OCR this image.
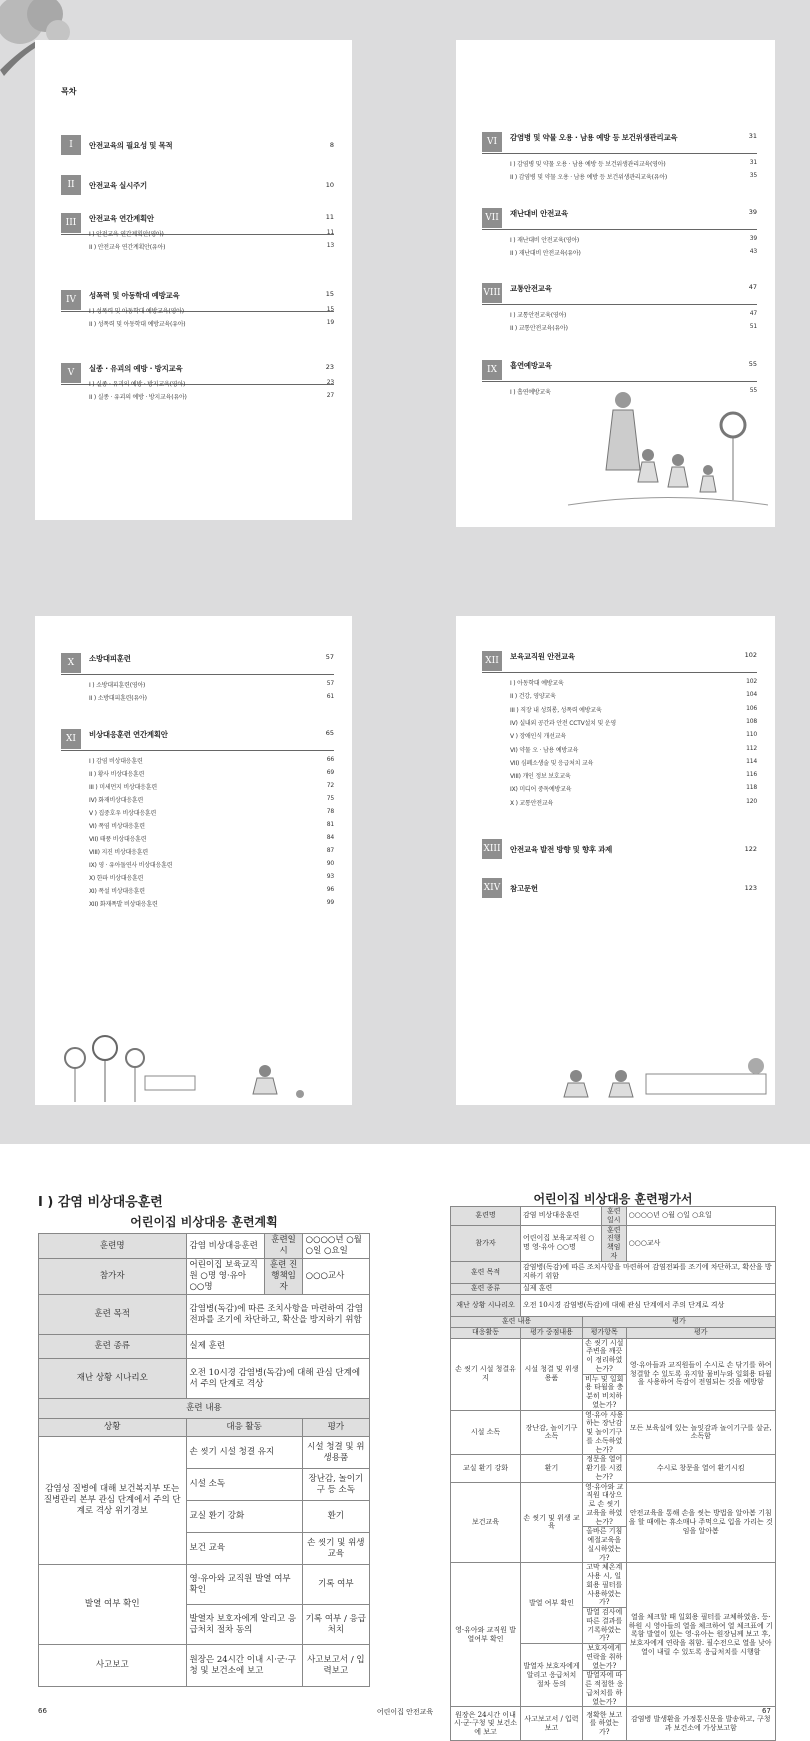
목차
I	안전교육의 필요성 및 목적	8
II	안전교육 실시주기	10
III	안전교육 연간계획안	11
I ) 안전교육 연간계획안(영아)	11
II ) 안전교육 연간계획안(유아)	13
IV	성폭력 및 아동학대 예방교육	15
I ) 성폭력 및 아동학대 예방교육(영아)	15
II ) 성폭력 및 아동학대 예방교육(유아)	19
V	실종 · 유괴의 예방 · 방지교육	23
I ) 실종 · 유괴의 예방 · 방지교육(영아)	23
II ) 실종 · 유괴의 예방 · 방지교육(유아)	27
VI	감염병 및 약물 오용 · 남용 예방 등 보건위생관리교육	31
I ) 감염병 및 약물 오용 · 남용 예방 등 보건위생관리교육(영아)	31
II ) 감염병 및 약물 오용 · 남용 예방 등 보건위생관리교육(유아)	35
VII	재난대비 안전교육	39
I ) 재난대비 안전교육(영아)	39
II ) 재난대비 안전교육(유아)	43
VIII 교통안전교육	47
I ) 교통안전교육(영아)	47
II ) 교통안전교육(유아)	51
IX	흡연예방교육	55
I ) 흡연예방교육	55
X	소방대피훈련	57
I ) 소방대피훈련(영아)	57
II ) 소방대피훈련(유아)	61
XI	비상대응훈련 연간계획안	65
I ) 감염 비상대응훈련	66
II ) 황사 비상대응훈련	69
III ) 미세먼지 비상대응훈련	72
IV) 화재비상대응훈련	75
V ) 집중호우 비상대응훈련	78
VI) 폭염 비상대응훈련	81
VII) 태풍 비상대응훈련	84
VIII) 지진 비상대응훈련	87
IX) 영 · 유아돌연사 비상대응훈련	90
X) 한파 비상대응훈련	93
XI) 폭설 비상대응훈련	96
XII) 화재폭발 비상대응훈련	99
XII	보육교직원 안전교육	102
I ) 아동학대 예방교육	102
II ) 건강, 영양교육	104
III ) 직장 내 성희롱, 성폭력 예방교육	106
IV) 실내외 공간과 안전 CCTV설치 및 운영	108
V ) 장애인식 개선교육	110
VI) 약물 오 · 남용 예방교육	112
VII) 심폐소생술 및 응급처치 교육	114
VIII) 개인 정보 보호교육	116
IX) 미디어 중독예방교육	118
X ) 교통안전교육	120
XIII 안전교육 발전 방향 및 향후 과제	122
XIV 참고문헌	123
I ) 감염 비상대응훈련
어린이집 비상대응 훈련계획
훈련명	감염 비상대응훈련	훈련일시	○○○○년 ○월 ○일 ○요일
참가자	어린이집 보육교직원 ○명 영·유아 ○○명	훈련 진행책임자	○○○교사
훈련 목적	감염병(독감)에 따른 조치사항을 마련하여 감염전파를 조기에 차단하고, 확산을 방지하기 위함		
훈련 종류	실제 훈련		
재난 상황 시나리오	오전 10시경 감염병(독감)에 대해 관심 단계에서 주의 단계로 격상		
훈련 내용			
상황	대응 활동		평가
감염성 질병에 대해 보건복지부 또는 질병관리 본부 관심 단계에서 주의 단계로 격상 위기경보	손 씻기 시설 청결 유지		시설 청결 및 위생용품
	시설 소독		장난감, 놀이기구 등 소독
	교실 환기 강화		환기
	보건 교육		손 씻기 및 위생 교육
발열 여부 확인	영·유아와 교직원 발열 여부 확인		기록 여부
	발열자 보호자에게 알리고 응급처치 절차 동의		기록 여부 / 응급 처치
사고보고	원장은 24시간 이내 시·군·구청 및 보건소에 보고		사고보고서 / 입력보고
어린이집 비상대응 훈련평가서
훈련명	감염 비상대응훈련		훈련일시	○○○○년 ○월 ○일 ○요일
참가자	어린이집 보육교직원 ○명 영·유아 ○○명		훈련 진행책임자	○○○교사
훈련 목적	감염병(독감)에 따른 조치사항을 마련하여 감염전파를 조기에 차단하고, 확산을 방지하기 위함			
훈련 종류	실제 훈련			
재난 상황 시나리오	오전 10시경 감염병(독감)에 대해 관심 단계에서 주의 단계로 격상			
훈련 내용		평가		
대응활동	평가 중점내용	평가항목		평가
손 씻기 시설 청결유지	시설 청결 및 위생용품	손 씻기 시설 주변을 깨끗이 정리하였는가?		영·유아들과 교직원들이 수시로 손 닦기를 하여 청결할 수 있도록 유지할 물비누와 일회용 타월을 사용하여 독감이 전염되는 것을 예방함
		비누 및 일회용 타월을 충분히 비치하였는가?		
시설 소독	장난감, 놀이기구 소독	영·유아 사용하는 장난감 및 놀이기구를 소독하였는가?		모든 보육실에 있는 놀잇감과 놀이기구를 살균, 소독함
교실 환기 강화	환기	정문을 열어 환기를 시켰는가?		수시로 창문을 열어 환기시킴
보건교육	손 씻기 및 위생 교육	영·유아와 교직원 대상으로 손 씻기 교육을 하였는가?		안전교육을 통해 손을 씻는 방법을 알아봄 기침을 할 때에는 휴소매나 주먹으로 입을 가리는 것임을 알아봄
		올바른 기침 예절교육을 실시하였는가?		
영·유아와 교직원 발열여부 확인	발열 여부 확인	고막 체온계 사용 시, 일회용 필터를 사용하였는가?		열을 체크할 때 일회용 필터를 교체하였음. 등·하원 시 영아들의 열을 체크하여 열 체크표에 기록함 발열이 있는 영·유아는 원장님께 보고 후, 보호자에게 연락을 취함. 필수전으로 열을 낮아 열이 내릴 수 있도록 응급처치를 시행함
		발열 검사에 따른 결과를 기록하였는가?		
	발열자 보호자에게 알리고 응급처치 절차 동의	보호자에게 연락을 취하였는가?		
		발열자에 따른 적절한 응급처치를 하였는가?		
원장은 24시간 이내 시·군·구청 및 보건소에 보고	사고보고서 / 입력보고	정확한 보고를 하였는가?		감염병 발생환을 가정통신문을 발송하고, 구청과 보건소에 가상보고함
66	어린이집 안전교육	67
